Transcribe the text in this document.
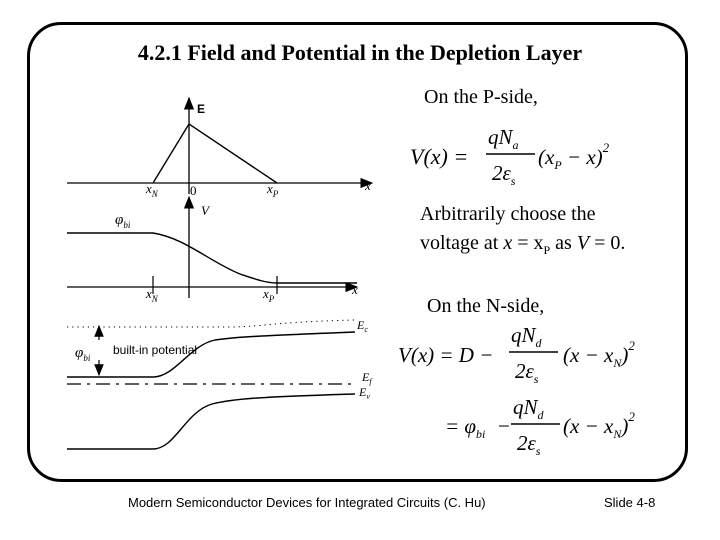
4.2.1 Field and Potential in the Depletion Layer
E
0
$x_N$	$x_P$
x
V
$\varphi_{bi}$
$x_N$	$x_P$
x
$\varphi_{bi}$
built-in potential
$E_c$
$E_f$
$E_v$
On the P-side,
V(x) =
$qN_a$
$2\varepsilon_s$
$(x_P - x)^2$
Arbitrarily choose the
voltage at $x = x_P$ as V = 0.
On the N-side,
V(x) = D −
$qN_d$
$2\varepsilon_s$
$(x - x_N)^2$
= $\varphi_{bi}$ −
$qN_d$
$2\varepsilon_s$
$(x - x_N)^2$
Modern Semiconductor Devices for Integrated Circuits (C. Hu)	Slide 4-8
